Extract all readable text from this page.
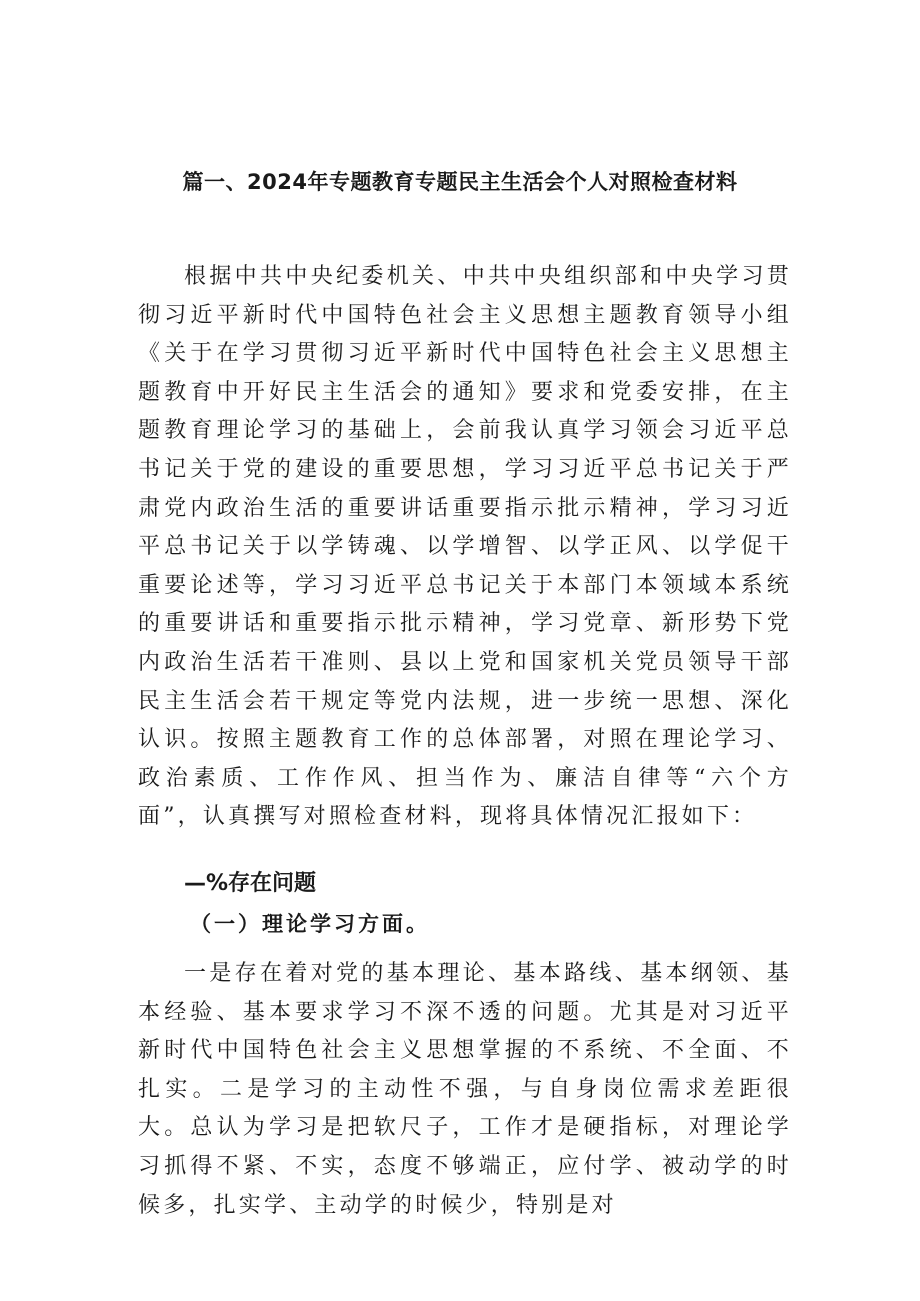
篇一、2024年专题教育专题民主生活会个人对照检查材料

根据中共中央纪委机关、中共中央组织部和中央学习贯彻习近平新时代中国特色社会主义思想主题教育领导小组《关于在学习贯彻习近平新时代中国特色社会主义思想主题教育中开好民主生活会的通知》要求和党委安排，在主题教育理论学习的基础上，会前我认真学习领会习近平总书记关于党的建设的重要思想，学习习近平总书记关于严肃党内政治生活的重要讲话重要指示批示精神，学习习近平总书记关于以学铸魂、以学增智、以学正风、以学促干重要论述等，学习习近平总书记关于本部门本领域本系统的重要讲话和重要指示批示精神，学习党章、新形势下党内政治生活若干准则、县以上党和国家机关党员领导干部民主生活会若干规定等党内法规，进一步统一思想、深化认识。按照主题教育工作的总体部署，对照在理论学习、政治素质、工作作风、担当作为、廉洁自律等“六个方面”，认真撰写对照检查材料，现将具体情况汇报如下：

—%存在问题
（一）理论学习方面。

一是存在着对党的基本理论、基本路线、基本纲领、基本经验、基本要求学习不深不透的问题。尤其是对习近平新时代中国特色社会主义思想掌握的不系统、不全面、不扎实。二是学习的主动性不强，与自身岗位需求差距很大。总认为学习是把软尺子，工作才是硬指标，对理论学习抓得不紧、不实，态度不够端正，应付学、被动学的时候多，扎实学、主动学的时候少，特别是对
